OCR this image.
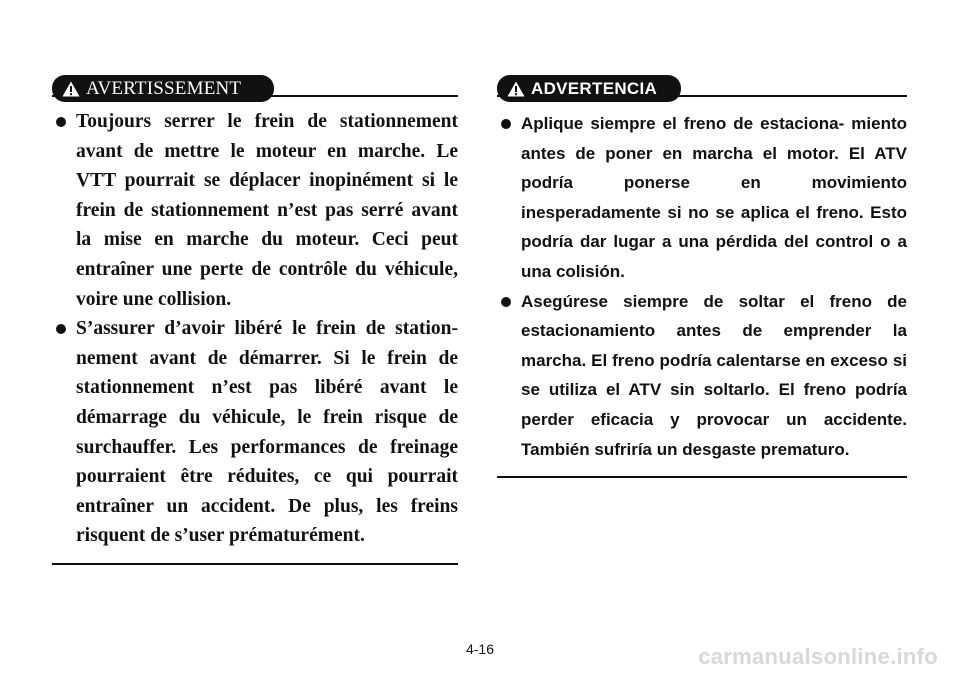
AVERTISSEMENT
Toujours serrer le frein de stationnement avant de mettre le moteur en marche. Le VTT pourrait se déplacer inopinément si le frein de stationnement n’est pas serré avant la mise en marche du moteur. Ceci peut entraîner une perte de contrôle du véhicule, voire une collision.
S’assurer d’avoir libéré le frein de station- nement avant de démarrer. Si le frein de stationnement n’est pas libéré avant le démarrage du véhicule, le frein risque de surchauffer. Les performances de freinage pourraient être réduites, ce qui pourrait entraîner un accident. De plus, les freins risquent de s’user prématurément.
ADVERTENCIA
Aplique siempre el freno de estaciona- miento antes de poner en marcha el motor. El ATV podría ponerse en movimiento inesperadamente si no se aplica el freno. Esto podría dar lugar a una pérdida del control o a una colisión.
Asegúrese siempre de soltar el freno de estacionamiento antes de emprender la marcha. El freno podría calentarse en exceso si se utiliza el ATV sin soltarlo. El freno podría perder eficacia y provocar un accidente. También sufriría un desgaste prematuro.
4-16	carmanualsonline.info
